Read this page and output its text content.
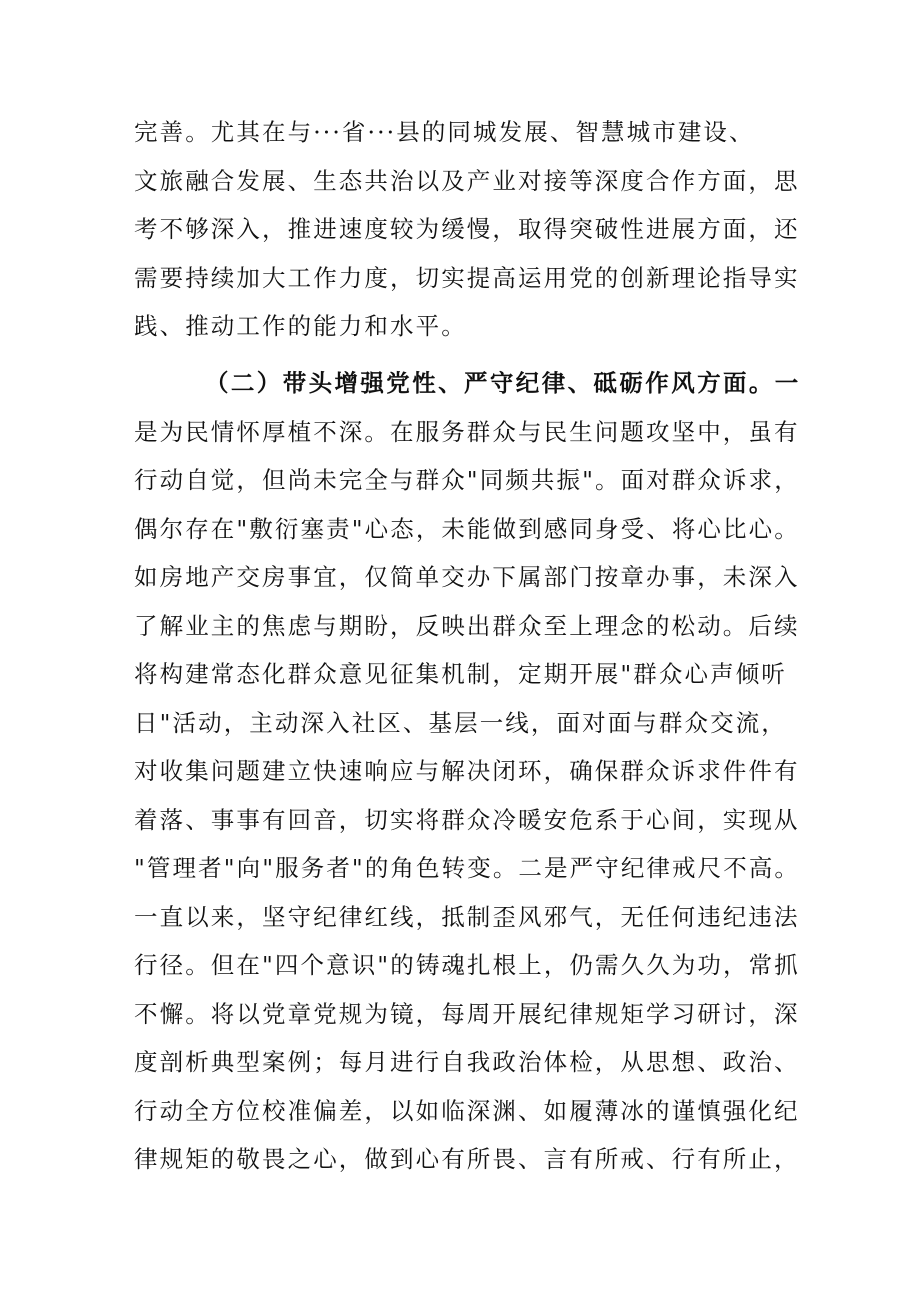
完善。尤其在与···省···县的同城发展、智慧城市建设、
文旅融合发展、生态共治以及产业对接等深度合作方面，思
考不够深入，推进速度较为缓慢，取得突破性进展方面，还
需要持续加大工作力度，切实提高运用党的创新理论指导实
践、推动工作的能力和水平。
（二）带头增强党性、严守纪律、砥砺作风方面。一
是为民情怀厚植不深。在服务群众与民生问题攻坚中，虽有
行动自觉，但尚未完全与群众"同频共振"。面对群众诉求，
偶尔存在"敷衍塞责"心态，未能做到感同身受、将心比心。
如房地产交房事宜，仅简单交办下属部门按章办事，未深入
了解业主的焦虑与期盼，反映出群众至上理念的松动。后续
将构建常态化群众意见征集机制，定期开展"群众心声倾听
日"活动，主动深入社区、基层一线，面对面与群众交流，
对收集问题建立快速响应与解决闭环，确保群众诉求件件有
着落、事事有回音，切实将群众冷暖安危系于心间，实现从
"管理者"向"服务者"的角色转变。二是严守纪律戒尺不高。
一直以来，坚守纪律红线，抵制歪风邪气，无任何违纪违法
行径。但在"四个意识"的铸魂扎根上，仍需久久为功，常抓
不懈。将以党章党规为镜，每周开展纪律规矩学习研讨，深
度剖析典型案例；每月进行自我政治体检，从思想、政治、
行动全方位校准偏差，以如临深渊、如履薄冰的谨慎强化纪
律规矩的敬畏之心，做到心有所畏、言有所戒、行有所止，
